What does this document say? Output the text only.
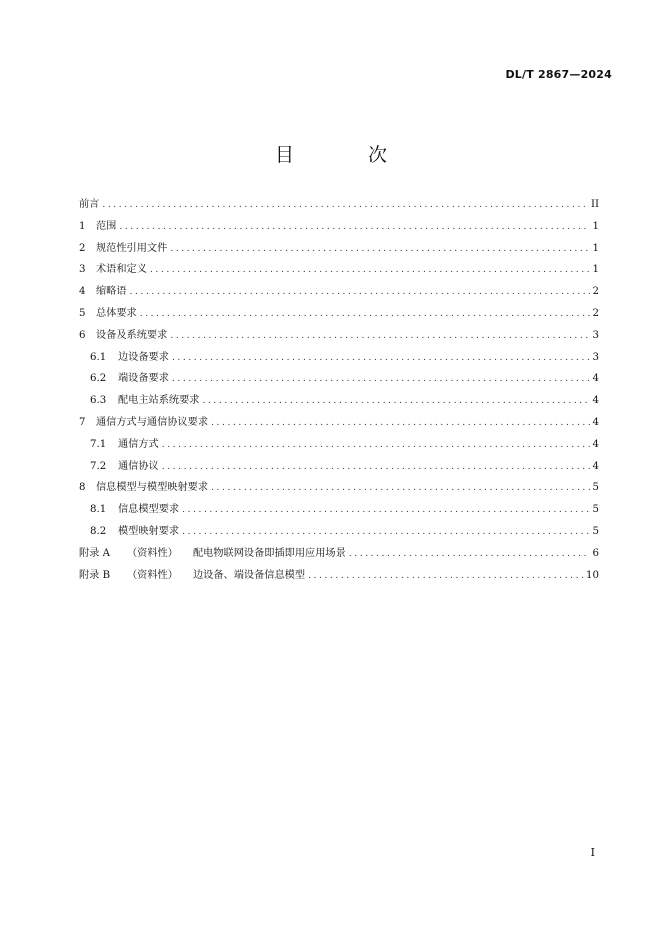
DL/T 2867—2024
目 次
前言 .....	II
1	范围 .....	1
2	规范性引用文件 .....	1
3	术语和定义 .....	1
4	缩略语 .....	2
5	总体要求 .....	2
6	设备及系统要求 .....	3
6.1	边设备要求 .....	3
6.2	端设备要求 .....	4
6.3	配电主站系统要求 .....	4
7	通信方式与通信协议要求 .....	4
7.1	通信方式 .....	4
7.2	通信协议 .....	4
8	信息模型与模型映射要求 .....	5
8.1	信息模型要求 .....	5
8.2	模型映射要求 .....	5
附录 A	（资料性）	配电物联网设备即插即用应用场景 .....	6
附录 B	（资料性）	边设备、端设备信息模型 .....	10
I
